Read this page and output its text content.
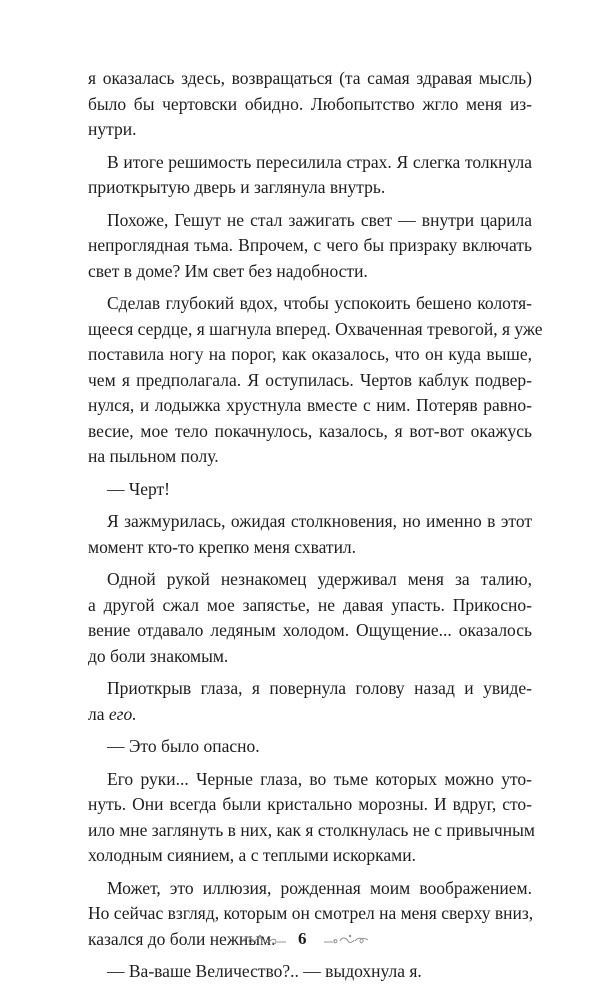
я оказалась здесь, возвращаться (та самая здравая мысль)
было бы чертовски обидно. Любопытство жгло меня из-
нутри.

В итоге решимость пересилила страх. Я слегка толкнула
приоткрытую дверь и заглянула внутрь.

Похоже, Гешут не стал зажигать свет — внутри царила
непроглядная тьма. Впрочем, с чего бы призраку включать
свет в доме? Им свет без надобности.

Сделав глубокий вдох, чтобы успокоить бешено колотя-
щееся сердце, я шагнула вперед. Охваченная тревогой, я уже
поставила ногу на порог, как оказалось, что он куда выше,
чем я предполагала. Я оступилась. Чертов каблук подвер-
нулся, и лодыжка хрустнула вместе с ним. Потеряв равно-
весие, мое тело покачнулось, казалось, я вот-вот окажусь
на пыльном полу.

— Черт!

Я зажмурилась, ожидая столкновения, но именно в этот
момент кто-то крепко меня схватил.

Одной рукой незнакомец удерживал меня за талию,
а другой сжал мое запястье, не давая упасть. Прикосно-
вение отдавало ледяным холодом. Ощущение... оказалось
до боли знакомым.

Приоткрыв глаза, я повернула голову назад и увиде-
ла его.

— Это было опасно.

Его руки... Черные глаза, во тьме которых можно уто-
нуть. Они всегда были кристально морозны. И вдруг, сто-
ило мне заглянуть в них, как я столкнулась не с привычным
холодным сиянием, а с теплыми искорками.

Может, это иллюзия, рожденная моим воображением.
Но сейчас взгляд, которым он смотрел на меня сверху вниз,
казался до боли нежным.

— Ва-ваше Величество?.. — выдохнула я.

6
